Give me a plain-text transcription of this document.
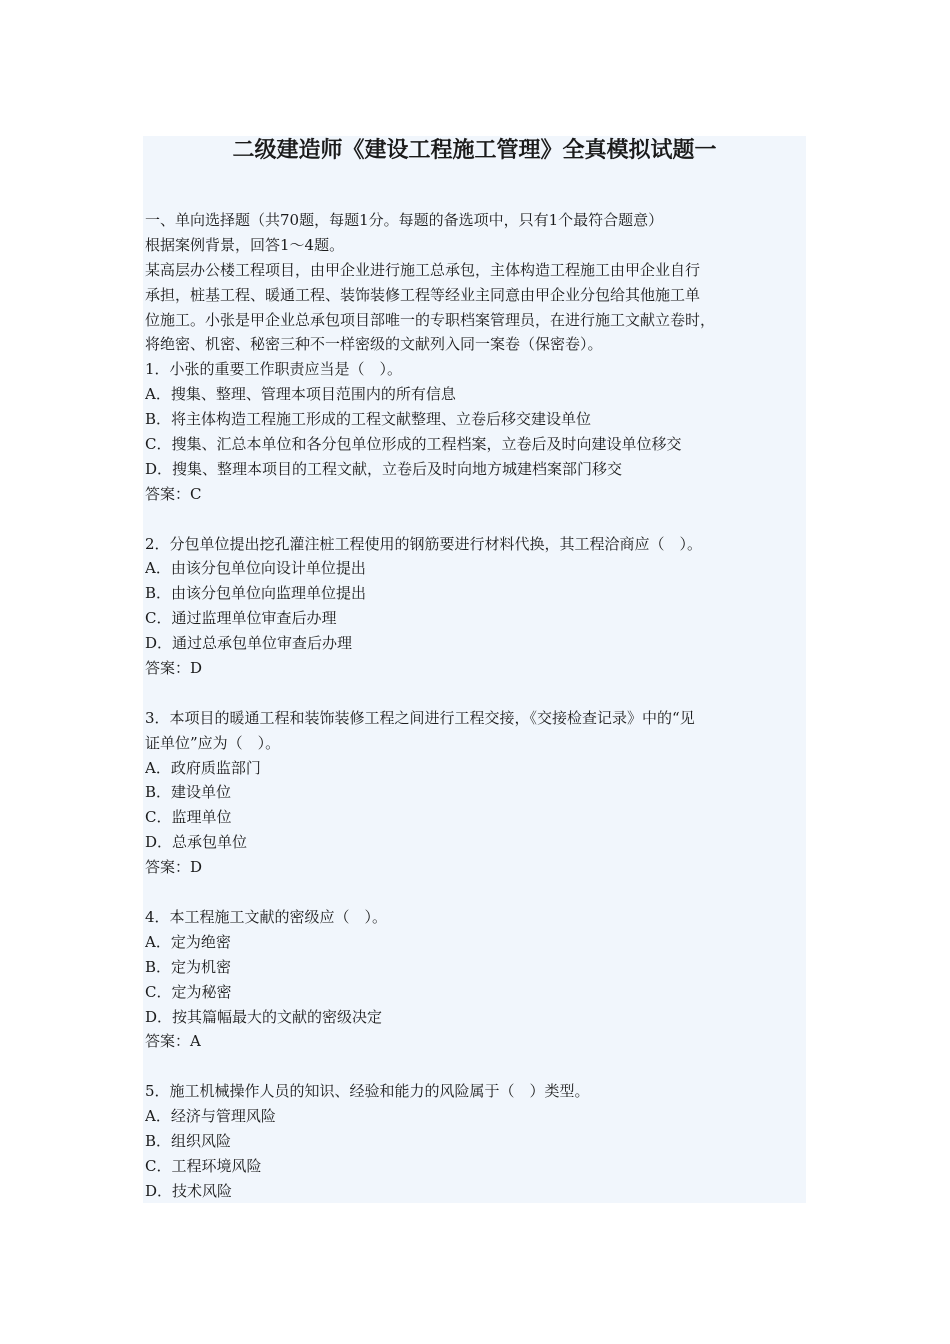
二级建造师《建设工程施工管理》全真模拟试题一
一、单向选择题（共70题，每题1分。每题的备选项中，只有1个最符合题意）
根据案例背景，回答1～4题。
某高层办公楼工程项目，由甲企业进行施工总承包，主体构造工程施工由甲企业自行
承担，桩基工程、暖通工程、装饰装修工程等经业主同意由甲企业分包给其他施工单
位施工。小张是甲企业总承包项目部唯一的专职档案管理员，在进行施工文献立卷时，
将绝密、机密、秘密三种不一样密级的文献列入同一案卷（保密卷）。
1．小张的重要工作职责应当是（　）。
A．搜集、整理、管理本项目范围内的所有信息
B．将主体构造工程施工形成的工程文献整理、立卷后移交建设单位
C．搜集、汇总本单位和各分包单位形成的工程档案，立卷后及时向建设单位移交
D．搜集、整理本项目的工程文献，立卷后及时向地方城建档案部门移交
答案：C
2．分包单位提出挖孔灌注桩工程使用的钢筋要进行材料代换，其工程洽商应（　）。
A．由该分包单位向设计单位提出
B．由该分包单位向监理单位提出
C．通过监理单位审查后办理
D．通过总承包单位审查后办理
答案：D
3．本项目的暖通工程和装饰装修工程之间进行工程交接，《交接检查记录》中的“见
证单位”应为（　）。
A．政府质监部门
B．建设单位
C．监理单位
D．总承包单位
答案：D
4．本工程施工文献的密级应（　）。
A．定为绝密
B．定为机密
C．定为秘密
D．按其篇幅最大的文献的密级决定
答案：A
5．施工机械操作人员的知识、经验和能力的风险属于（　）类型。
A．经济与管理风险
B．组织风险
C．工程环境风险
D．技术风险
